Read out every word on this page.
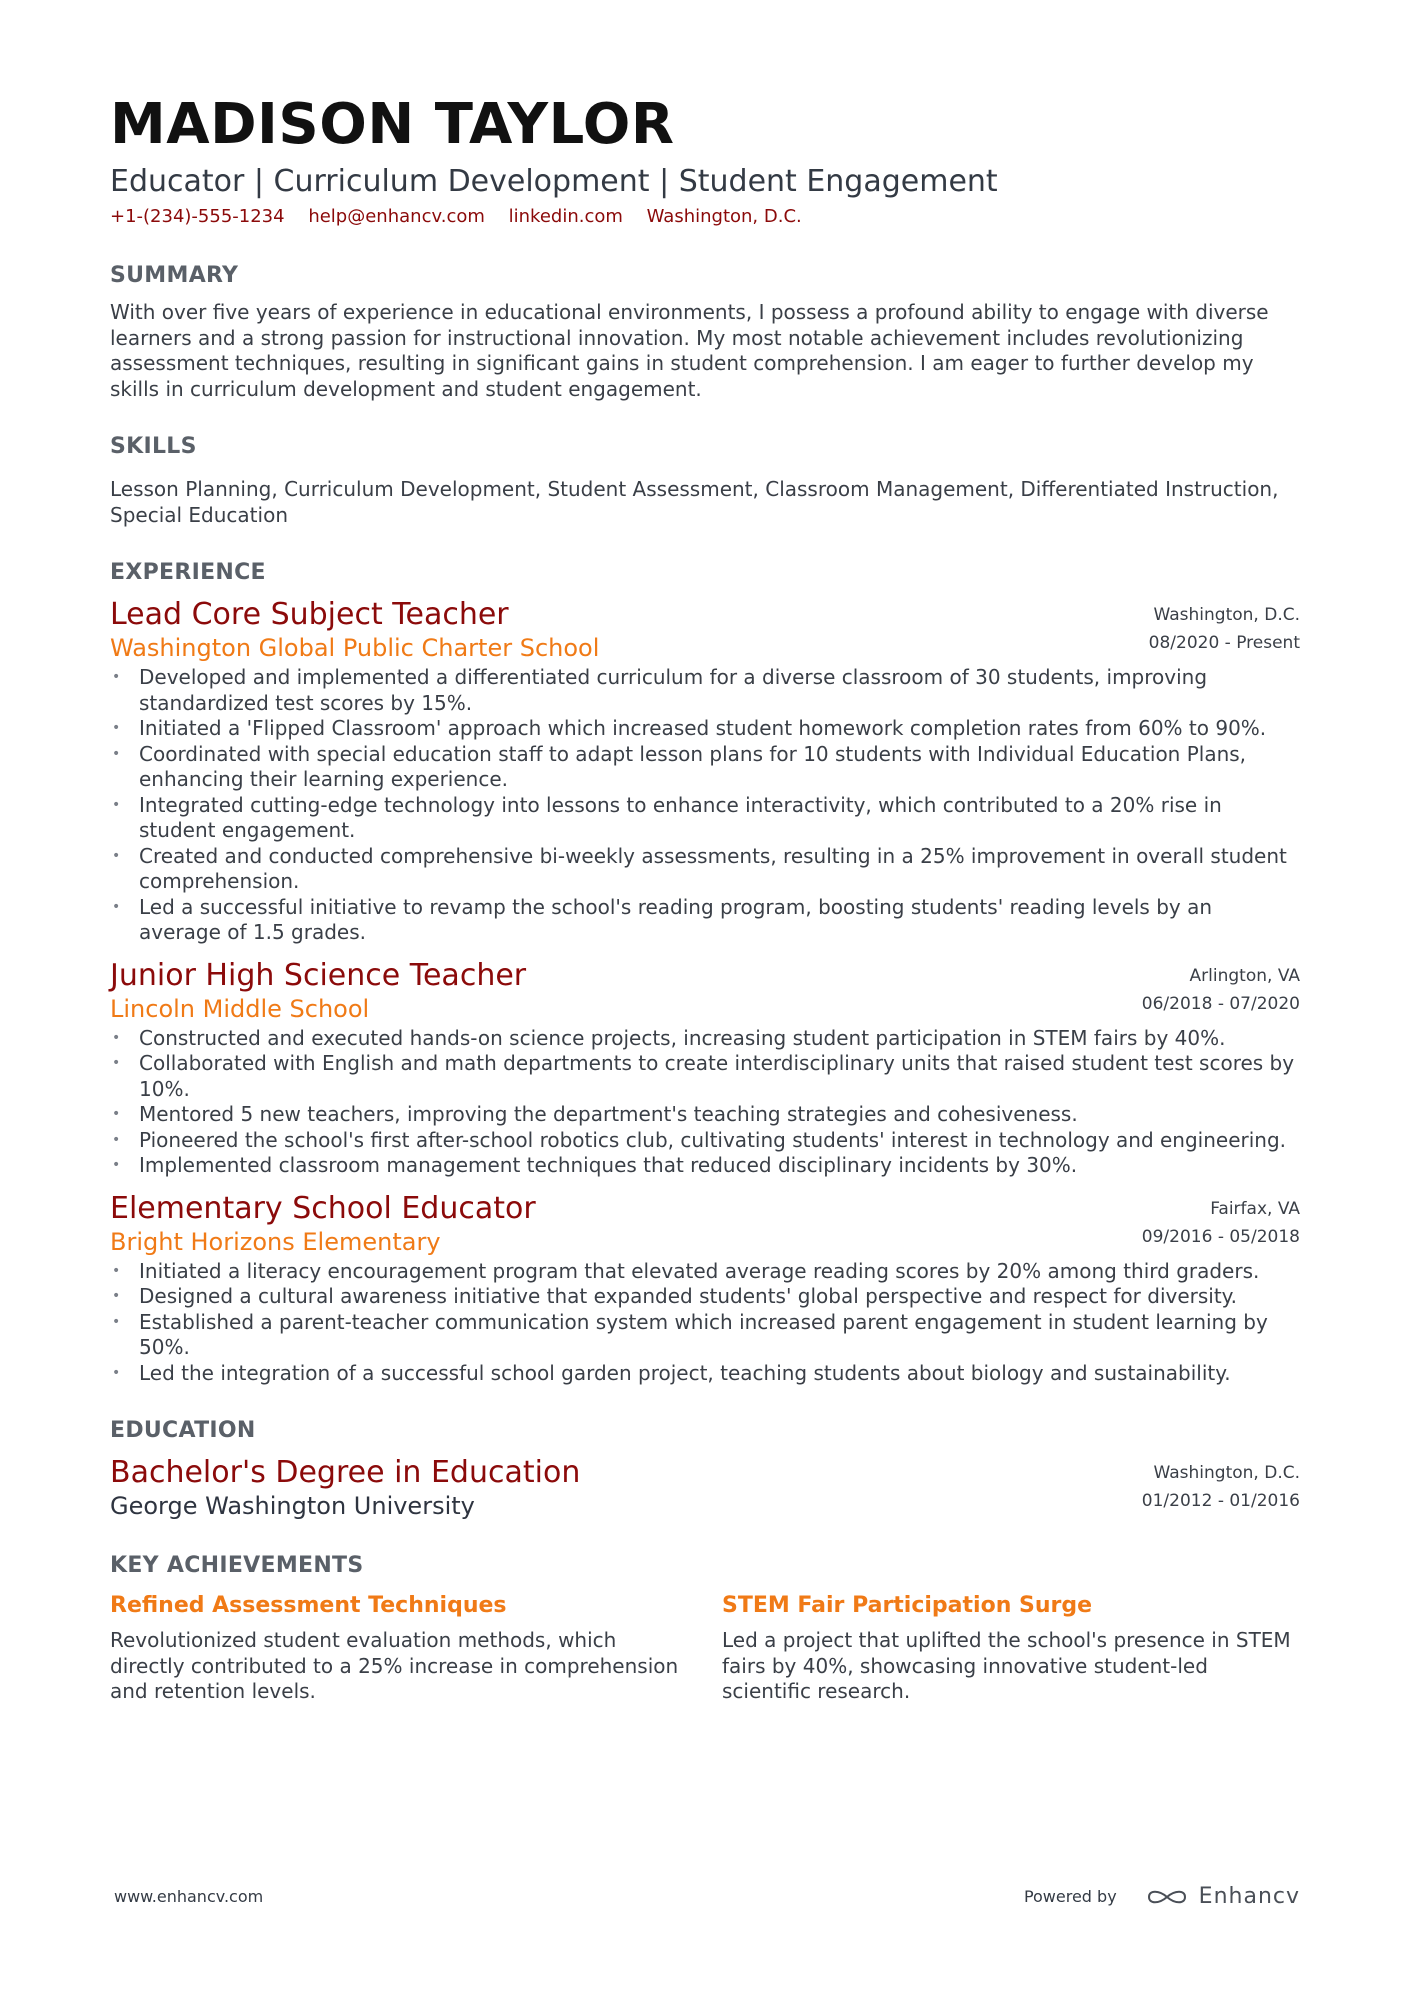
MADISON TAYLOR
Educator | Curriculum Development | Student Engagement
+1-(234)-555-1234 help@enhancv.com linkedin.com Washington, D.C.
SUMMARY
With over five years of experience in educational environments, I possess a profound ability to engage with diverse learners and a strong passion for instructional innovation. My most notable achievement includes revolutionizing assessment techniques, resulting in significant gains in student comprehension. I am eager to further develop my skills in curriculum development and student engagement.
SKILLS
Lesson Planning, Curriculum Development, Student Assessment, Classroom Management, Differentiated Instruction, Special Education
EXPERIENCE
Lead Core Subject Teacher
Washington Global Public Charter School
Washington, D.C.
08/2020 - Present
• Developed and implemented a differentiated curriculum for a diverse classroom of 30 students, improving standardized test scores by 15%.
• Initiated a 'Flipped Classroom' approach which increased student homework completion rates from 60% to 90%.
• Coordinated with special education staff to adapt lesson plans for 10 students with Individual Education Plans, enhancing their learning experience.
• Integrated cutting-edge technology into lessons to enhance interactivity, which contributed to a 20% rise in student engagement.
• Created and conducted comprehensive bi-weekly assessments, resulting in a 25% improvement in overall student comprehension.
• Led a successful initiative to revamp the school's reading program, boosting students' reading levels by an average of 1.5 grades.
Junior High Science Teacher
Lincoln Middle School
Arlington, VA
06/2018 - 07/2020
• Constructed and executed hands-on science projects, increasing student participation in STEM fairs by 40%.
• Collaborated with English and math departments to create interdisciplinary units that raised student test scores by 10%.
• Mentored 5 new teachers, improving the department's teaching strategies and cohesiveness.
• Pioneered the school's first after-school robotics club, cultivating students' interest in technology and engineering.
• Implemented classroom management techniques that reduced disciplinary incidents by 30%.
Elementary School Educator
Bright Horizons Elementary
Fairfax, VA
09/2016 - 05/2018
• Initiated a literacy encouragement program that elevated average reading scores by 20% among third graders.
• Designed a cultural awareness initiative that expanded students' global perspective and respect for diversity.
• Established a parent-teacher communication system which increased parent engagement in student learning by 50%.
• Led the integration of a successful school garden project, teaching students about biology and sustainability.
EDUCATION
Bachelor's Degree in Education
George Washington University
Washington, D.C.
01/2012 - 01/2016
KEY ACHIEVEMENTS
Refined Assessment Techniques
Revolutionized student evaluation methods, which directly contributed to a 25% increase in comprehension and retention levels.
STEM Fair Participation Surge
Led a project that uplifted the school's presence in STEM fairs by 40%, showcasing innovative student-led scientific research.
www.enhancv.com	Powered by	Enhancv
